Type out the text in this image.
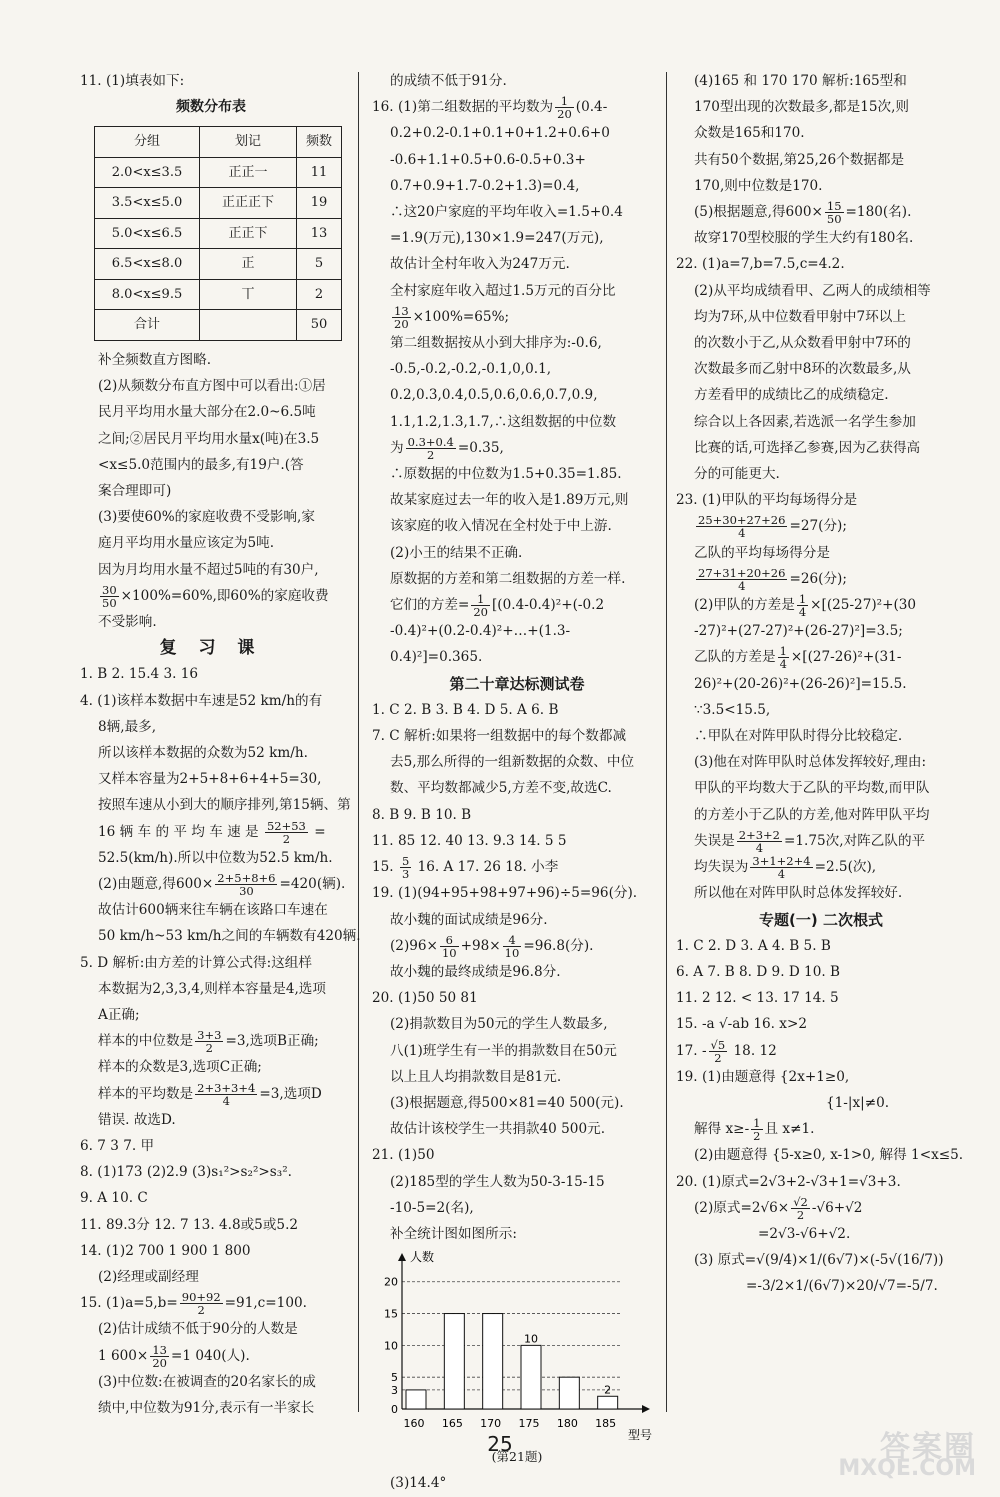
11. (1)填表如下:

频数分布表

分组	划记	频数
2.0<x≤3.5	正正一	11
3.5<x≤5.0	正正正下	19
5.0<x≤6.5	正正下	13
6.5<x≤8.0	正	5
8.0<x≤9.5	丅	2
合计		50

补全频数直方图略.

(2)从频数分布直方图中可以看出:①居

民月平均用水量大部分在2.0~6.5吨

之间;②居民月平均用水量x(吨)在3.5

<x≤5.0范围内的最多,有19户.(答

案合理即可)

(3)要使60%的家庭收费不受影响,家

庭月平均用水量应该定为5吨.

因为月均用水量不超过5吨的有30户,

$\frac{30}{50} \times 100\%=60\%$,即60%的家庭收费

不受影响.

复 习 课

1. B 2. 15.4 3. 16

4. (1)该样本数据中车速是52 km/h的有

8辆,最多,

所以该样本数据的众数为52 km/h.

又样本容量为2+5+8+6+4+5=30,

按照车速从小到大的顺序排列,第15辆、第

16 辆 车 的 平 均 车 速 是 $\frac{52+53}{2}$ =

52.5(km/h).所以中位数为52.5 km/h.

(2)由题意,得$600\times \frac{2+5+8+6}{30} =420$(辆).

故估计600辆来往车辆在该路口车速在

50 km/h~53 km/h之间的车辆数有420辆.

5. D 解析:由方差的计算公式得:这组样

本数据为2,3,3,4,则样本容量是4,选项

A正确;

样本的中位数是 $\frac{3+3}{2} =3$,选项B正确;

样本的众数是3,选项C正确;

样本的平均数是 $\frac{2+3+3+4}{4} =3$,选项D

错误. 故选D.

6. 7 3 7. 甲

8. (1)173 (2)2.9 (3)s₁²>s₂²>s₃².

9. A 10. C

11. 89.3分 12. 7 13. 4.8或5或5.2

14. (1)2 700 1 900 1 800

(2)经理或副经理

15. $(1)a=5,b= \frac{90+92}{2} =91,c=100$.

(2)估计成绩不低于90分的人数是

1 $600\times \frac{13}{20} =1$ 040(人).

(3)中位数:在被调查的20名家长的成

绩中,中位数为91分,表示有一半家长

的成绩不低于91分.

16. (1)第二组数据的平均数为 $\frac{1}{20} (0.4-$

0.2+0.2-0.1+0.1+0+1.2+0.6+0

-0.6+1.1+0.5+0.6-0.5+0.3+

0.7+0.9+1.7-0.2+1.3)=0.4,

∴这20户家庭的平均年收入=1.5+0.4

=1.9(万元),130×1.9=247(万元),

故估计全村年收入为247万元.

全村家庭年收入超过1.5万元的百分比

$\frac{13}{20} \times 100\%=65\%$;

第二组数据按从小到大排序为:-0.6,

-0.5,-0.2,-0.2,-0.1,0,0.1,

0.2,0.3,0.4,0.5,0.6,0.6,0.7,0.9,

1.1,1.2,1.3,1.7,∴这组数据的中位数

为 $\frac{0.3+0.4}{2} =0.35$,

∴原数据的中位数为1.5+0.35=1.85.

故某家庭过去一年的收入是1.89万元,则

该家庭的收入情况在全村处于中上游.

(2)小王的结果不正确.

原数据的方差和第二组数据的方差一样.

它们的方差= $\frac{1}{20} [(0.4-0.4)^2+(-0.2$

-0.4)²+(0.2-0.4)²+…+(1.3-

0.4)²]=0.365.

第二十章达标测试卷

1. C 2. B 3. B 4. D 5. A 6. B

7. C 解析:如果将一组数据中的每个数都减

去5,那么所得的一组新数据的众数、中位

数、平均数都减少5,方差不变,故选C.

8. B 9. B 10. B

11. 85 12. 40 13. 9.3 14. 5 5

15. $\frac{5}{3} 16$. A 17. 26 18. 小李

19. (1)(94+95+98+97+96)÷5=96(分).

故小魏的面试成绩是96分.

$(2)96\times \frac{6}{10} +98\times \frac{4}{10} =96.8$(分).

故小魏的最终成绩是96.8分.

20. (1)50 50 81

(2)捐款数目为50元的学生人数最多,

八(1)班学生有一半的捐款数目在50元

以上且人均捐款数目是81元.

(3)根据题意,得500×81=40 500(元).

故估计该校学生一共捐款40 500元.

21. (1)50

(2)185型的学生人数为50-3-15-15

-10-5=2(名),

补全统计图如图所示:

3
5
10
15
20
人数
型号
0
160 165 170 175
10
180 185
2

(第21题)

(3)14.4°

(4)165 和 170 170 解析:165型和

170型出现的次数最多,都是15次,则

众数是165和170.

共有50个数据,第25,26个数据都是

170,则中位数是170.

(5)根据题意,得$600\times \frac{15}{50} =180$(名).

故穿170型校服的学生大约有180名.

22. (1)a=7,b=7.5,c=4.2.

(2)从平均成绩看甲、乙两人的成绩相等

均为7环,从中位数看甲射中7环以上

的次数小于乙,从众数看甲射中7环的

次数最多而乙射中8环的次数最多,从

方差看甲的成绩比乙的成绩稳定.

综合以上各因素,若选派一名学生参加

比赛的话,可选择乙参赛,因为乙获得高

分的可能更大.

23. (1)甲队的平均每场得分是

$\frac{25+30+27+26}{4} =27$(分);

乙队的平均每场得分是

$\frac{27+31+20+26}{4} =26$(分);

(2)甲队的方差是 $\frac{1}{4} \times[(25-27)^2+(30$

-27)²+(27-27)²+(26-27)²]=3.5;

乙队的方差是 $\frac{1}{4} \times[(27-26)^2+(31-$

26)²+(20-26)²+(26-26)²]=15.5.

∵3.5<15.5,

∴甲队在对阵甲队时得分比较稳定.

(3)他在对阵甲队时总体发挥较好,理由:

甲队的平均数大于乙队的平均数,而甲队

的方差小于乙队的方差,他对阵甲队平均

失误是 $\frac{2+3+2}{4} =1.75$次,对阵乙队的平

均失误为 $\frac{3+1+2+4}{4} =2.5$(次),

所以他在对阵甲队时总体发挥较好.

专题(一) 二次根式

1. C 2. D 3. A 4. B 5. B

6. A 7. B 8. D 9. D 10. B

11. 2 12. < 13. 17 14. 5

15. -a √-ab 16. x>2

17. - $\frac{√5}{2} 18$. 12

19. (1)由题意得 {2x+1≥0,

{1-|x|≠0.

解得 $x\ge- \frac{1}{2}$ 且 x≠1.

(2)由题意得 {5-x≥0, x-1>0, 解得 1<x≤5.

20. (1)原式=2√3+2-√3+1=√3+3.

(2)原式$=2√6\times \frac{√2}{2} -√6+√2$

=2√3-√6+√2.

(3) 原式=√(9/4)×1/(6√7)×(-5√(16/7))

=-3/2×1/(6√7)×20/√7=-5/7.

25	答案圈
MXQE.COM
